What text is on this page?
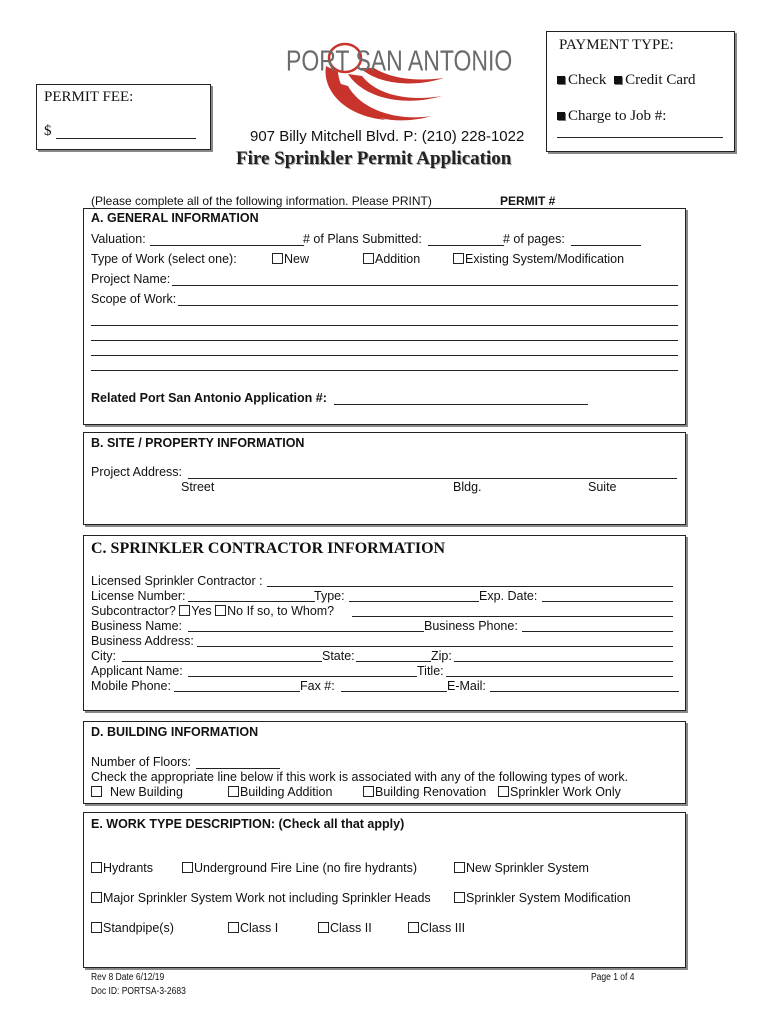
PORT SAN ANTONIO
PERMIT FEE:
$
PAYMENT TYPE:
Check Credit Card
Charge to Job #:
907 Billy Mitchell Blvd. P: (210) 228-1022
Fire Sprinkler Permit Application
(Please complete all of the following information. Please PRINT)	PERMIT #
A. GENERAL INFORMATION
Valuation:	# of Plans Submitted:	# of pages:
Type of Work (select one):	New	Addition	Existing System/Modification
Project Name:
Scope of Work:
Related Port San Antonio Application #:
B. SITE / PROPERTY INFORMATION
Project Address:
Street	Bldg.	Suite
C. SPRINKLER CONTRACTOR INFORMATION
Licensed Sprinkler Contractor :
License Number:	Type:	Exp. Date:
Subcontractor? Yes No If so, to Whom?
Business Name:	Business Phone:
Business Address:
City:	State:	Zip:
Applicant Name:	Title:
Mobile Phone:	Fax #:	E-Mail:
D. BUILDING INFORMATION
Number of Floors:
Check the appropriate line below if this work is associated with any of the following types of work.
New Building	Building Addition	Building Renovation	Sprinkler Work Only
E. WORK TYPE DESCRIPTION: (Check all that apply)
Hydrants	Underground Fire Line (no fire hydrants)	New Sprinkler System
Major Sprinkler System Work not including Sprinkler Heads	Sprinkler System Modification
Standpipe(s)	Class I	Class II	Class III
Rev 8 Date 6/12/19
Doc ID: PORTSA-3-2683
Page 1 of 4
